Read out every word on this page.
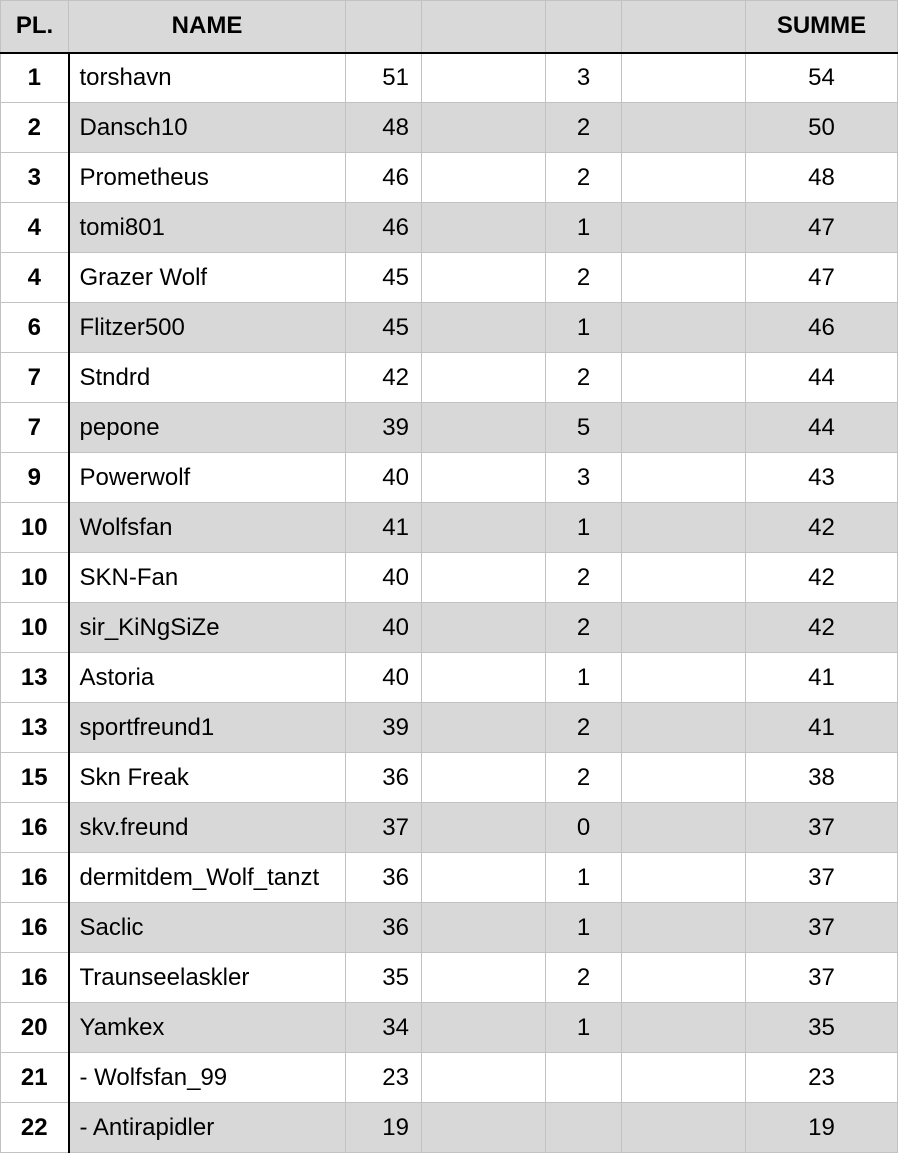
PL.	NAME					SUMME
1	torshavn	51		3		54
2	Dansch10	48		2		50
3	Prometheus	46		2		48
4	tomi801	46		1		47
4	Grazer Wolf	45		2		47
6	Flitzer500	45		1		46
7	Stndrd	42		2		44
7	pepone	39		5		44
9	Powerwolf	40		3		43
10	Wolfsfan	41		1		42
10	SKN-Fan	40		2		42
10	sir_KiNgSiZe	40		2		42
13	Astoria	40		1		41
13	sportfreund1	39		2		41
15	Skn Freak	36		2		38
16	skv.freund	37		0		37
16	dermitdem_Wolf_tanzt	36		1		37
16	Saclic	36		1		37
16	Traunseelaskler	35		2		37
20	Yamkex	34		1		35
21	- Wolfsfan_99	23				23
22	- Antirapidler	19				19
